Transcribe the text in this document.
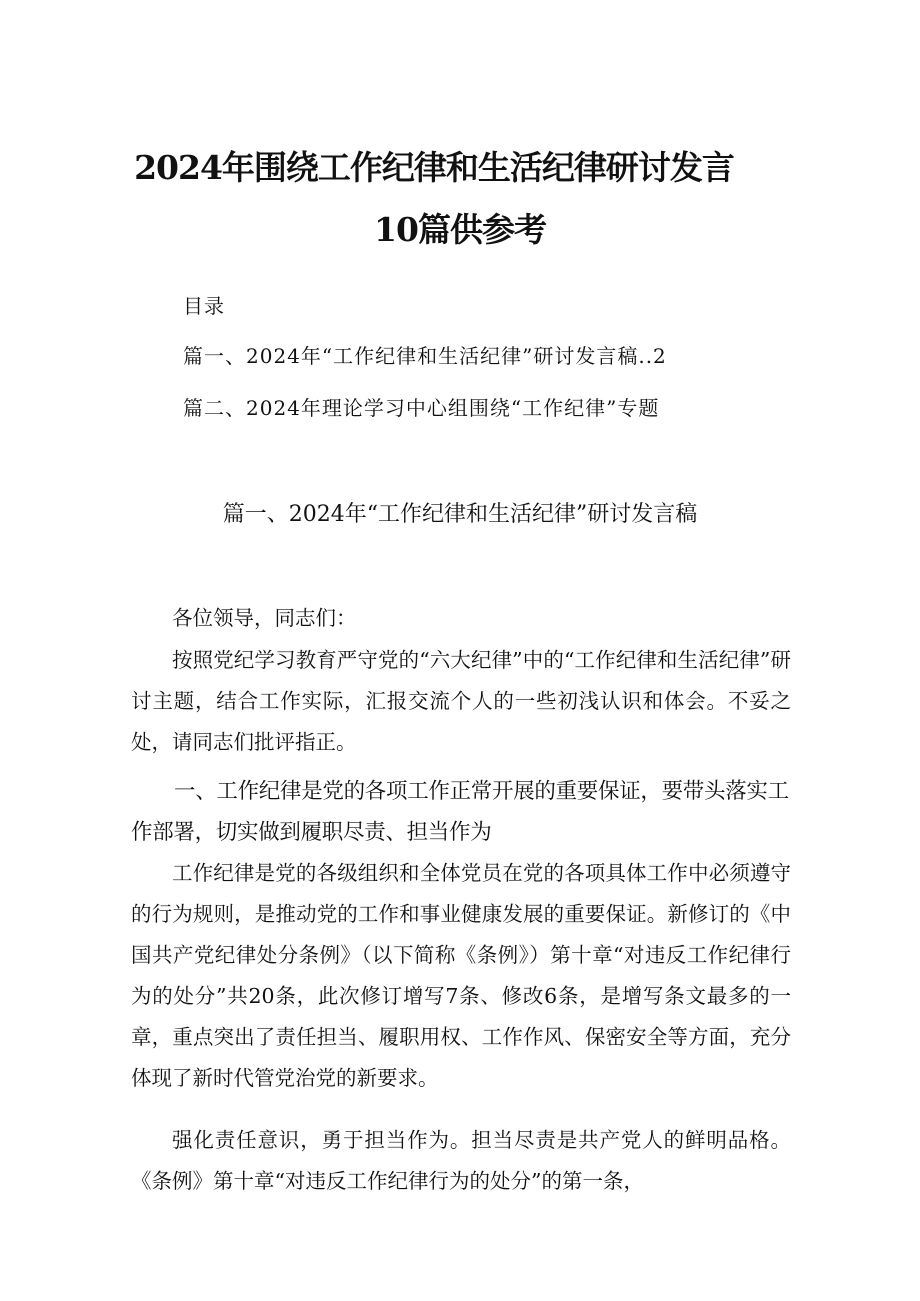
2024年围绕工作纪律和生活纪律研讨发言
10篇供参考
目录
篇一、2024年“工作纪律和生活纪律”研讨发言稿..2
篇二、2024年理论学习中心组围绕“工作纪律”专题
篇一、2024年“工作纪律和生活纪律”研讨发言稿

各位领导，同志们：

按照党纪学习教育严守党的“六大纪律”中的“工作纪律和生活纪律”研讨主题，结合工作实际，汇报交流个人的一些初浅认识和体会。不妥之处，请同志们批评指正。

一、工作纪律是党的各项工作正常开展的重要保证，要带头落实工作部署，切实做到履职尽责、担当作为

工作纪律是党的各级组织和全体党员在党的各项具体工作中必须遵守的行为规则，是推动党的工作和事业健康发展的重要保证。新修订的《中国共产党纪律处分条例》（以下简称《条例》）第十章“对违反工作纪律行为的处分”共20条，此次修订增写7条、修改6条，是增写条文最多的一章，重点突出了责任担当、履职用权、工作作风、保密安全等方面，充分体现了新时代管党治党的新要求。

强化责任意识，勇于担当作为。担当尽责是共产党人的鲜明品格。《条例》第十章“对违反工作纪律行为的处分”的第一条，
